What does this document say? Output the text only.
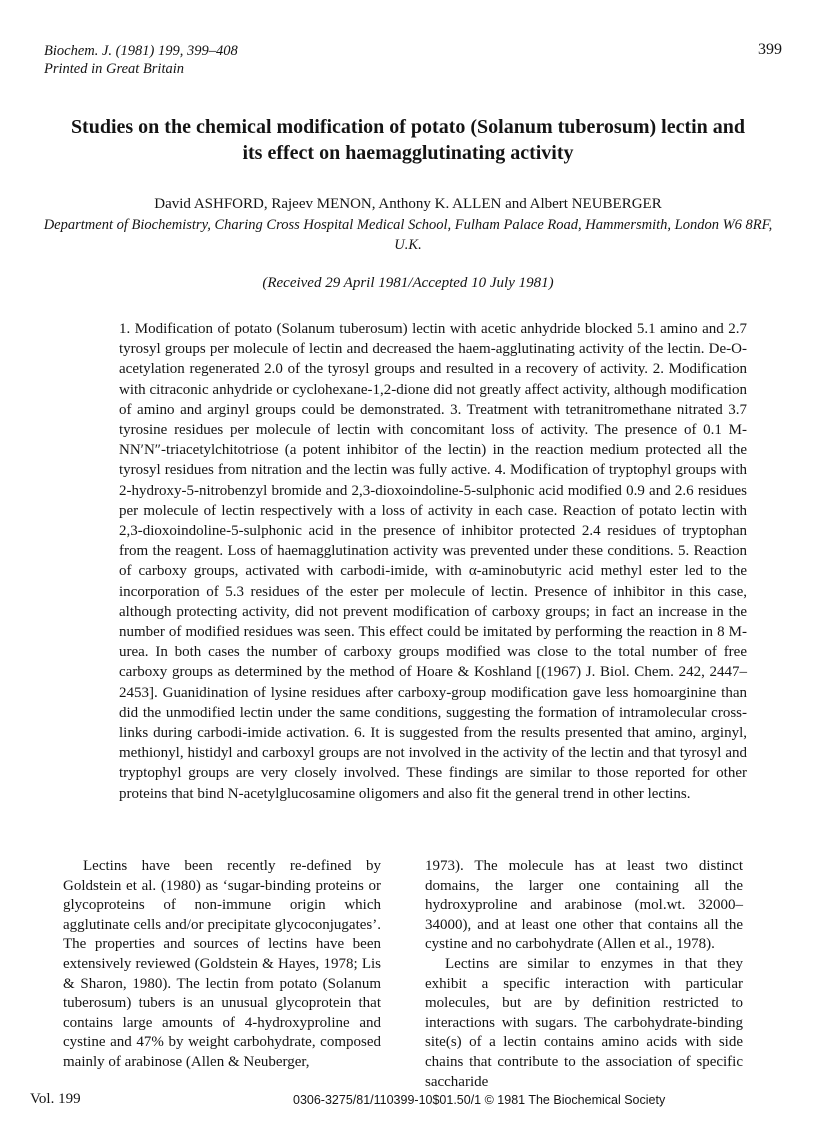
Biochem. J. (1981) 199, 399–408
Printed in Great Britain
399
Studies on the chemical modification of potato (Solanum tuberosum) lectin and its effect on haemagglutinating activity
David ASHFORD, Rajeev MENON, Anthony K. ALLEN and Albert NEUBERGER
Department of Biochemistry, Charing Cross Hospital Medical School, Fulham Palace Road, Hammersmith, London W6 8RF, U.K.
(Received 29 April 1981/Accepted 10 July 1981)

1. Modification of potato (Solanum tuberosum) lectin with acetic anhydride blocked 5.1 amino and 2.7 tyrosyl groups per molecule of lectin and decreased the haem-agglutinating activity of the lectin. De-O-acetylation regenerated 2.0 of the tyrosyl groups and resulted in a recovery of activity. 2. Modification with citraconic anhydride or cyclohexane-1,2-dione did not greatly affect activity, although modification of amino and arginyl groups could be demonstrated. 3. Treatment with tetranitromethane nitrated 3.7 tyrosine residues per molecule of lectin with concomitant loss of activity. The presence of 0.1 M-NN′N″-triacetylchitotriose (a potent inhibitor of the lectin) in the reaction medium protected all the tyrosyl residues from nitration and the lectin was fully active. 4. Modification of tryptophyl groups with 2-hydroxy-5-nitrobenzyl bromide and 2,3-dioxoindoline-5-sulphonic acid modified 0.9 and 2.6 residues per molecule of lectin respectively with a loss of activity in each case. Reaction of potato lectin with 2,3-dioxoindoline-5-sulphonic acid in the presence of inhibitor protected 2.4 residues of tryptophan from the reagent. Loss of haemagglutination activity was prevented under these conditions. 5. Reaction of carboxy groups, activated with carbodi-imide, with α-aminobutyric acid methyl ester led to the incorporation of 5.3 residues of the ester per molecule of lectin. Presence of inhibitor in this case, although protecting activity, did not prevent modification of carboxy groups; in fact an increase in the number of modified residues was seen. This effect could be imitated by performing the reaction in 8 M-urea. In both cases the number of carboxy groups modified was close to the total number of free carboxy groups as determined by the method of Hoare & Koshland [(1967) J. Biol. Chem. 242, 2447–2453]. Guanidination of lysine residues after carboxy-group modification gave less homoarginine than did the unmodified lectin under the same conditions, suggesting the formation of intramolecular cross-links during carbodi-imide activation. 6. It is suggested from the results presented that amino, arginyl, methionyl, histidyl and carboxyl groups are not involved in the activity of the lectin and that tyrosyl and tryptophyl groups are very closely involved. These findings are similar to those reported for other proteins that bind N-acetylglucosamine oligomers and also fit the general trend in other lectins.

Lectins have been recently re-defined by Goldstein et al. (1980) as ‘sugar-binding proteins or glycoproteins of non-immune origin which agglutinate cells and/or precipitate glycoconjugates’. The properties and sources of lectins have been extensively reviewed (Goldstein & Hayes, 1978; Lis & Sharon, 1980). The lectin from potato (Solanum tuberosum) tubers is an unusual glycoprotein that contains large amounts of 4-hydroxyproline and cystine and 47% by weight carbohydrate, composed mainly of arabinose (Allen & Neuberger,

1973). The molecule has at least two distinct domains, the larger one containing all the hydroxyproline and arabinose (mol.wt. 32000–34000), and at least one other that contains all the cystine and no carbohydrate (Allen et al., 1978).

Lectins are similar to enzymes in that they exhibit a specific interaction with particular molecules, but are by definition restricted to interactions with sugars. The carbohydrate-binding site(s) of a lectin contains amino acids with side chains that contribute to the association of specific saccharide

Vol. 199	0306-3275/81/110399-10$01.50/1 © 1981 The Biochemical Society
